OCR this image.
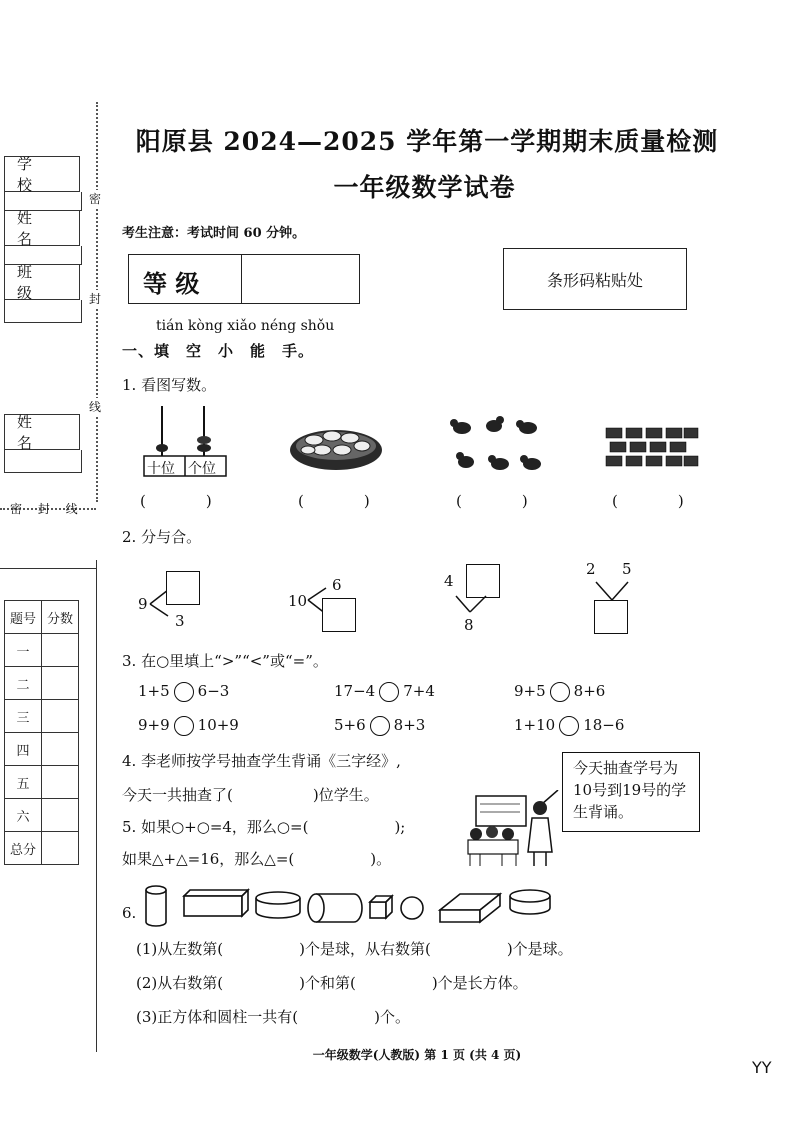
学 校
姓 名
班 级
姓 名
密
封
线
密 封 线
题号	分数
一	
二	
三	
四	
五	
六	
总分	
阳原县 2024—2025 学年第一学期期末质量检测
一年级数学试卷
考生注意：考试时间 60 分钟。
等 级	条形码粘贴处
tián kòng xiǎo néng shǒu
一、填　空　小　能　手。
1. 看图写数。
十位 个位
(　　　　)	(　　　　)	(　　　　)	(　　　　)
2. 分与合。
9
3
10
6	4
8
2 5
3. 在○里填上“>”“<”或“=”。
1+5 6−3	17−4 7+4	9+5 8+6
9+9 10+9	5+6 8+3	1+10 18−6
4. 李老师按学号抽查学生背诵《三字经》,
今天一共抽查了(	)位学生。
今天抽查学号为10号到19号的学生背诵。
5. 如果○+○=4，那么○=(	);
如果△+△=16，那么△=(	)。
6.
(1)从左数第(	)个是球，从右数第(	)个是球。
(2)从右数第(	)个和第(	)个是长方体。
(3)正方体和圆柱一共有(	)个。
一年级数学(人教版) 第 1 页 (共 4 页)
YY
